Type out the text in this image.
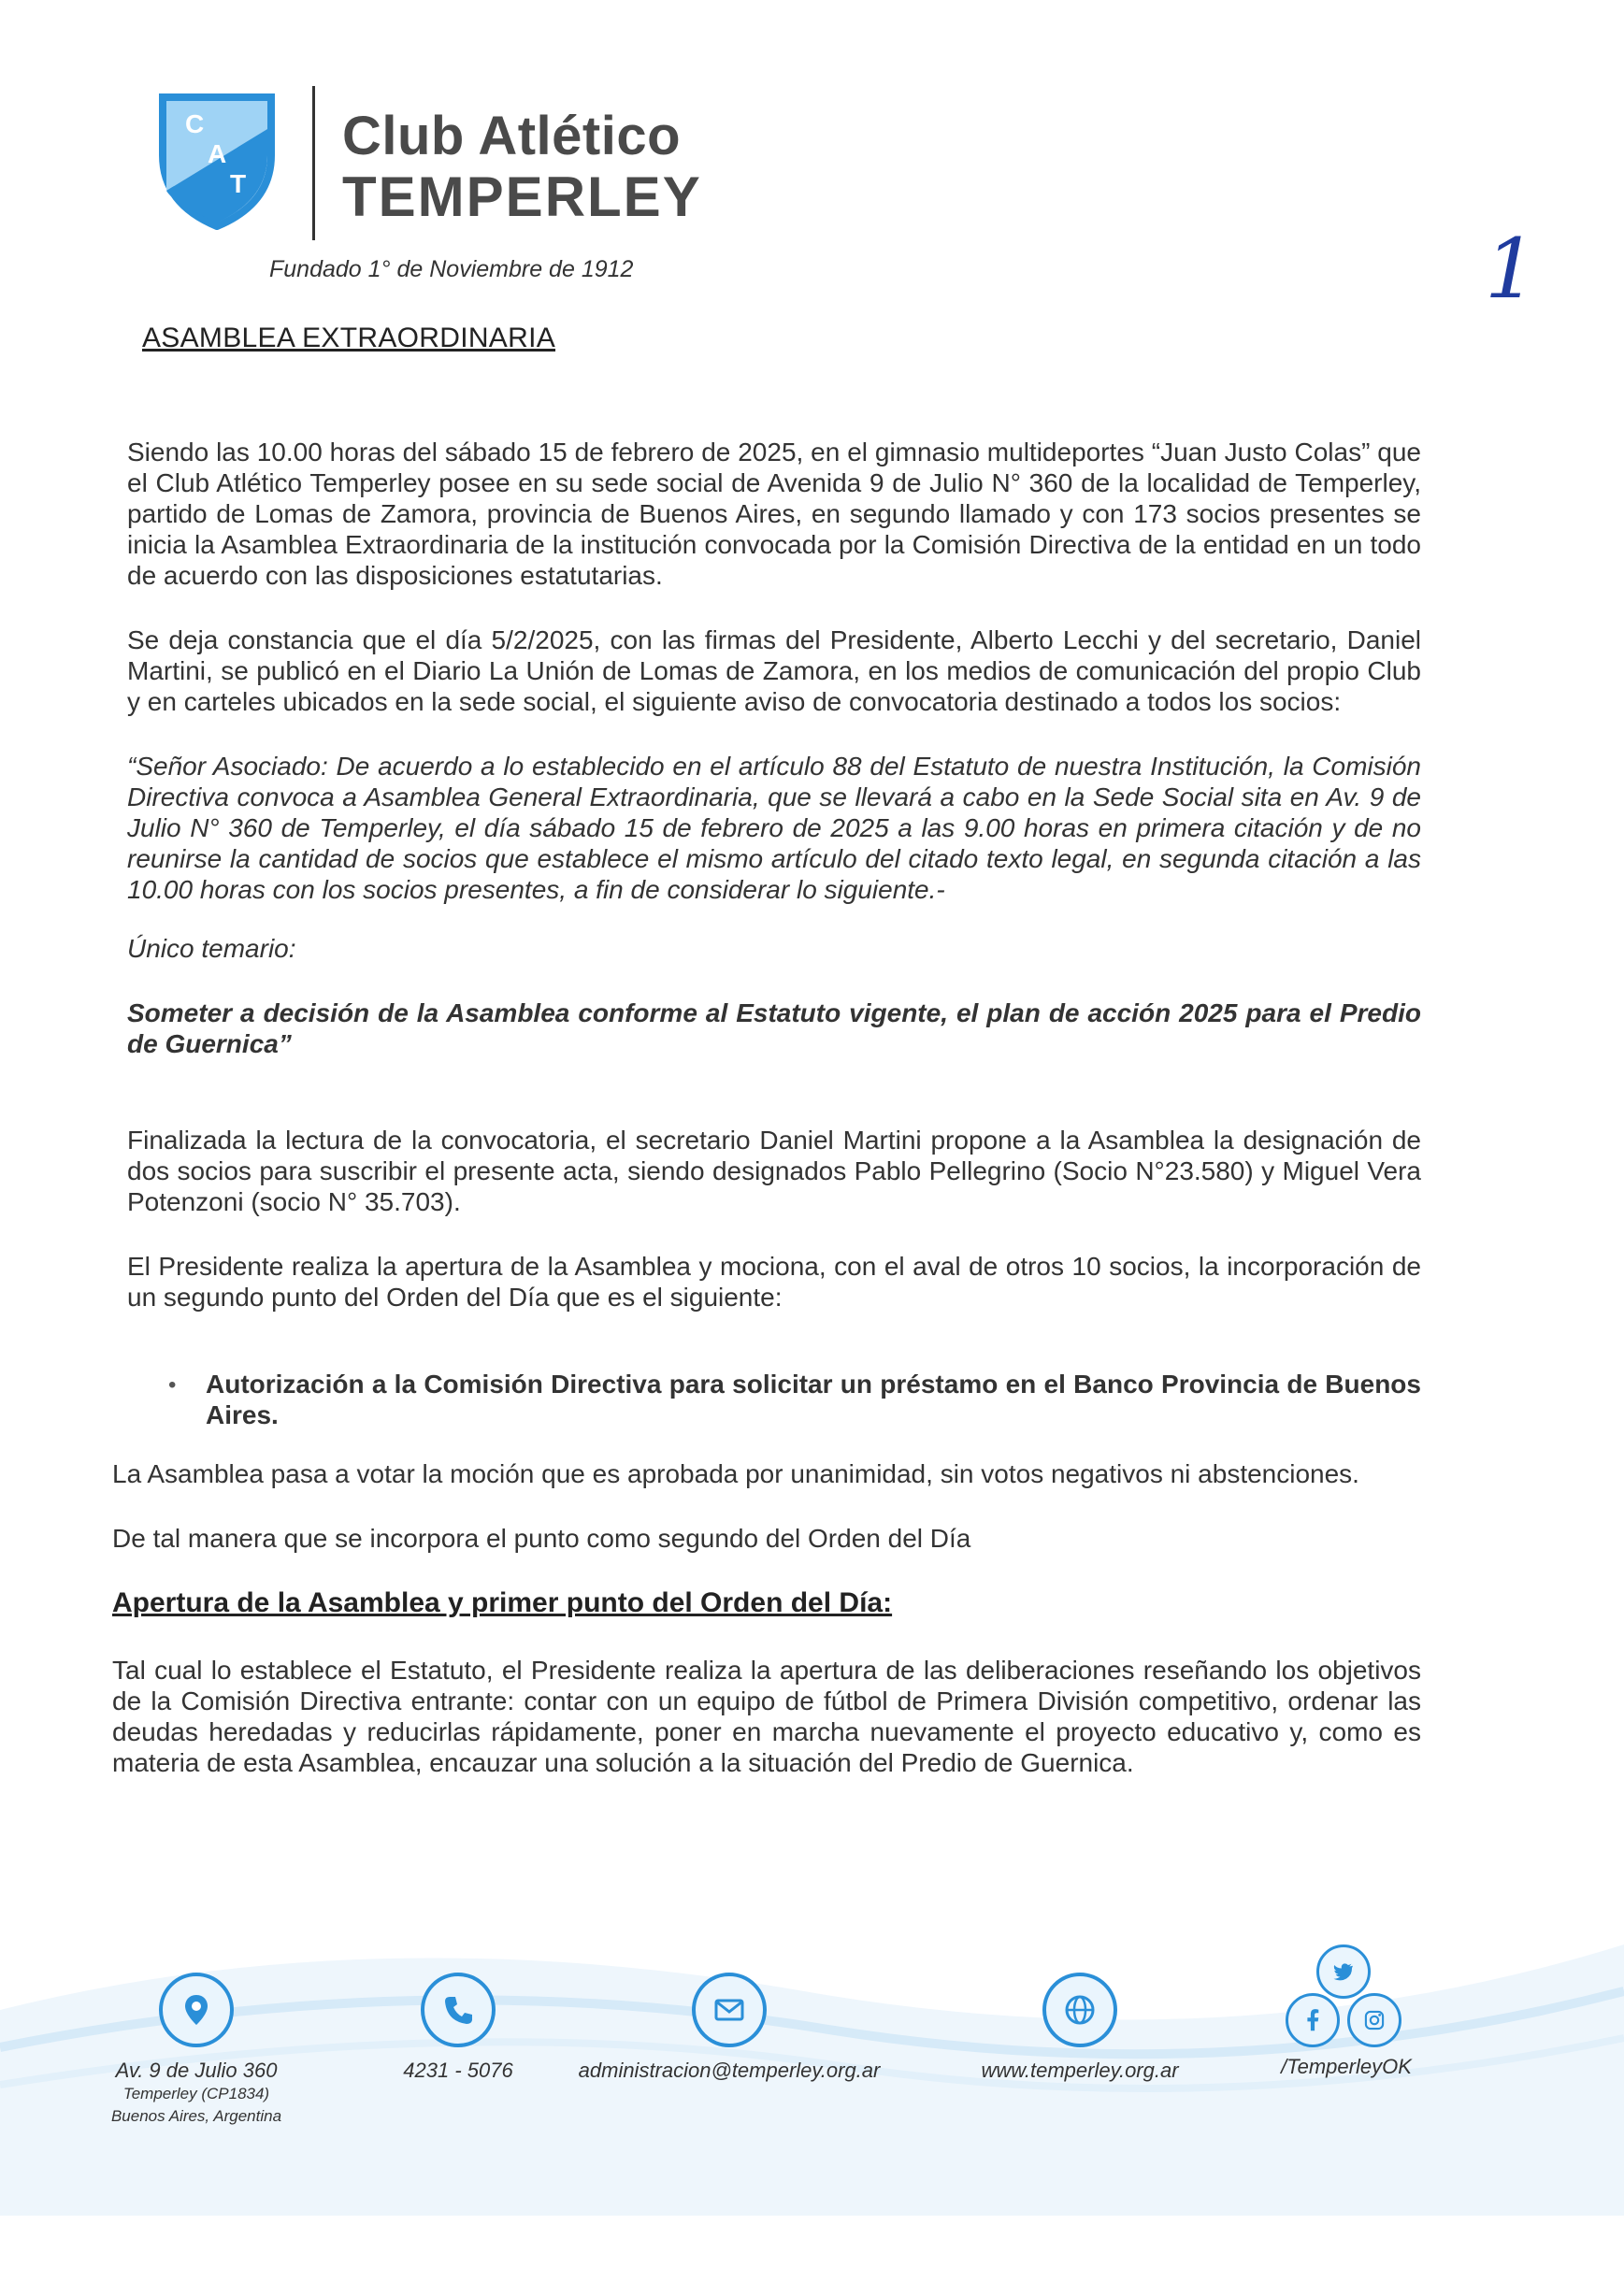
C
A
T
Club Atlético
TEMPERLEY
Fundado 1° de Noviembre de 1912	1
ASAMBLEA EXTRAORDINARIA

Siendo las 10.00 horas del sábado 15 de febrero de 2025, en el gimnasio multideportes “Juan Justo Colas” que el Club Atlético Temperley posee en su sede social de Avenida 9 de Julio N° 360 de la localidad de Temperley, partido de Lomas de Zamora, provincia de Buenos Aires, en segundo llamado y con 173 socios presentes se inicia la Asamblea Extraordinaria de la institución convocada por la Comisión Directiva de la entidad en un todo de acuerdo con las disposiciones estatutarias.

Se deja constancia que el día 5/2/2025, con las firmas del Presidente, Alberto Lecchi y del secretario, Daniel Martini, se publicó en el Diario La Unión de Lomas de Zamora, en los medios de comunicación del propio Club y en carteles ubicados en la sede social, el siguiente aviso de convocatoria destinado a todos los socios:

“Señor Asociado: De acuerdo a lo establecido en el artículo 88 del Estatuto de nuestra Institución, la Comisión Directiva convoca a Asamblea General Extraordinaria, que se llevará a cabo en la Sede Social sita en Av. 9 de Julio N° 360 de Temperley, el día sábado 15 de febrero de 2025 a las 9.00 horas en primera citación y de no reunirse la cantidad de socios que establece el mismo artículo del citado texto legal, en segunda citación a las 10.00 horas con los socios presentes, a fin de considerar lo siguiente.-

Único temario:

Someter a decisión de la Asamblea conforme al Estatuto vigente, el plan de acción 2025 para el Predio de Guernica”

Finalizada la lectura de la convocatoria, el secretario Daniel Martini propone a la Asamblea la designación de dos socios para suscribir el presente acta, siendo designados Pablo Pellegrino (Socio N°23.580) y Miguel Vera Potenzoni (socio N° 35.703).

El Presidente realiza la apertura de la Asamblea y mociona, con el aval de otros 10 socios, la incorporación de un segundo punto del Orden del Día que es el siguiente:

•	Autorización a la Comisión Directiva para solicitar un préstamo en el Banco Provincia de Buenos Aires.

La Asamblea pasa a votar la moción que es aprobada por unanimidad, sin votos negativos ni abstenciones.

De tal manera que se incorpora el punto como segundo del Orden del Día

Apertura de la Asamblea y primer punto del Orden del Día:

Tal cual lo establece el Estatuto, el Presidente realiza la apertura de las deliberaciones reseñando los objetivos de la Comisión Directiva entrante: contar con un equipo de fútbol de Primera División competitivo, ordenar las deudas heredadas y reducirlas rápidamente, poner en marcha nuevamente el proyecto educativo y, como es materia de esta Asamblea, encauzar una solución a la situación del Predio de Guernica.

Av. 9 de Julio 360
Temperley (CP1834)
Buenos Aires, Argentina
4231 - 5076	administracion@temperley.org.ar	www.temperley.org.ar	/TemperleyOK
